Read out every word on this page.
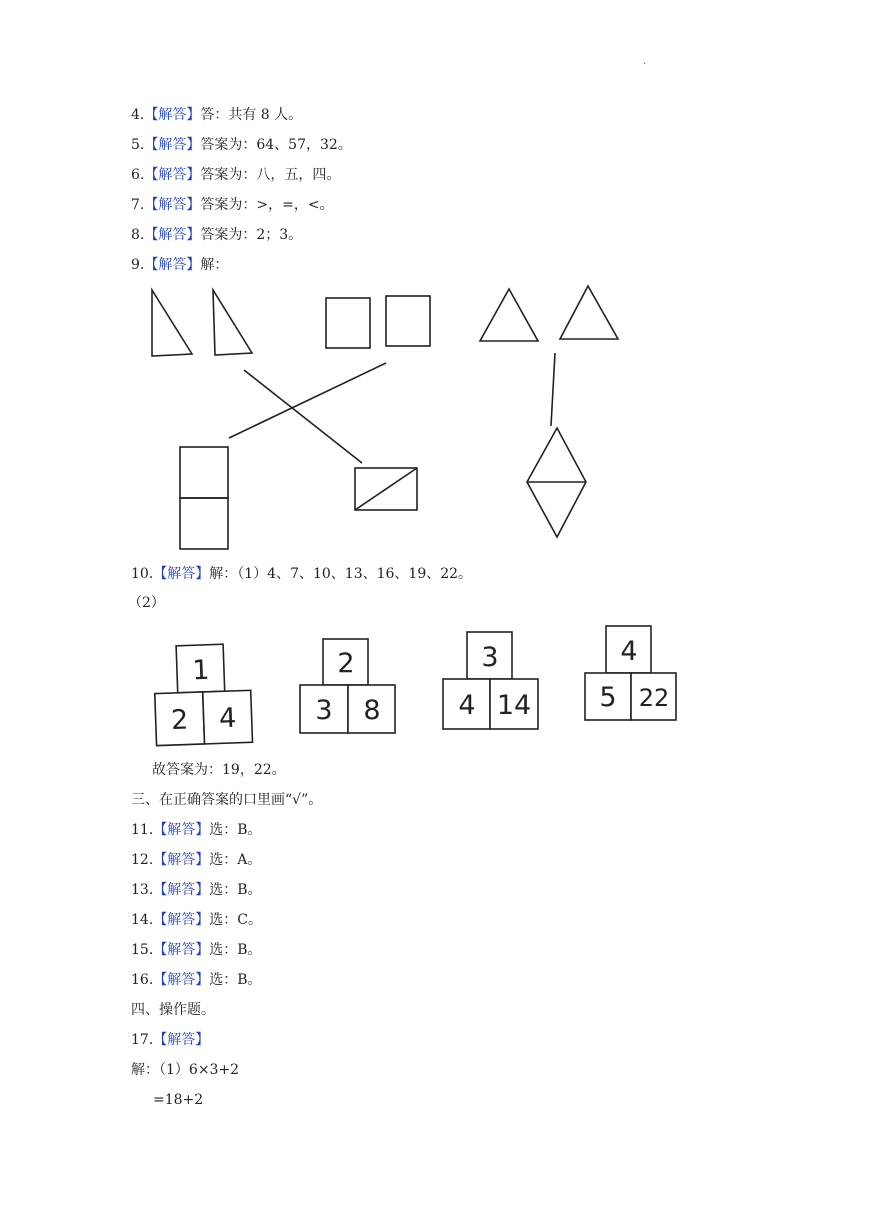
.
4.【解答】答：共有 8 人。
5.【解答】答案为：64、57，32。
6.【解答】答案为：八，五，四。
7.【解答】答案为：>，=，<。
8.【解答】答案为：2；3。
9.【解答】解：
10.【解答】解：（1）4、7、10、13、16、19、22。
（2）
1
2 4
2
3 8
3
4 14
4
5 22
故答案为：19，22。
三、在正确答案的口里画“√”。
11.【解答】选：B。
12.【解答】选：A。
13.【解答】选：B。
14.【解答】选：C。
15.【解答】选：B。
16.【解答】选：B。
四、操作题。
17.【解答】
解：（1）6×3+2
=18+2
